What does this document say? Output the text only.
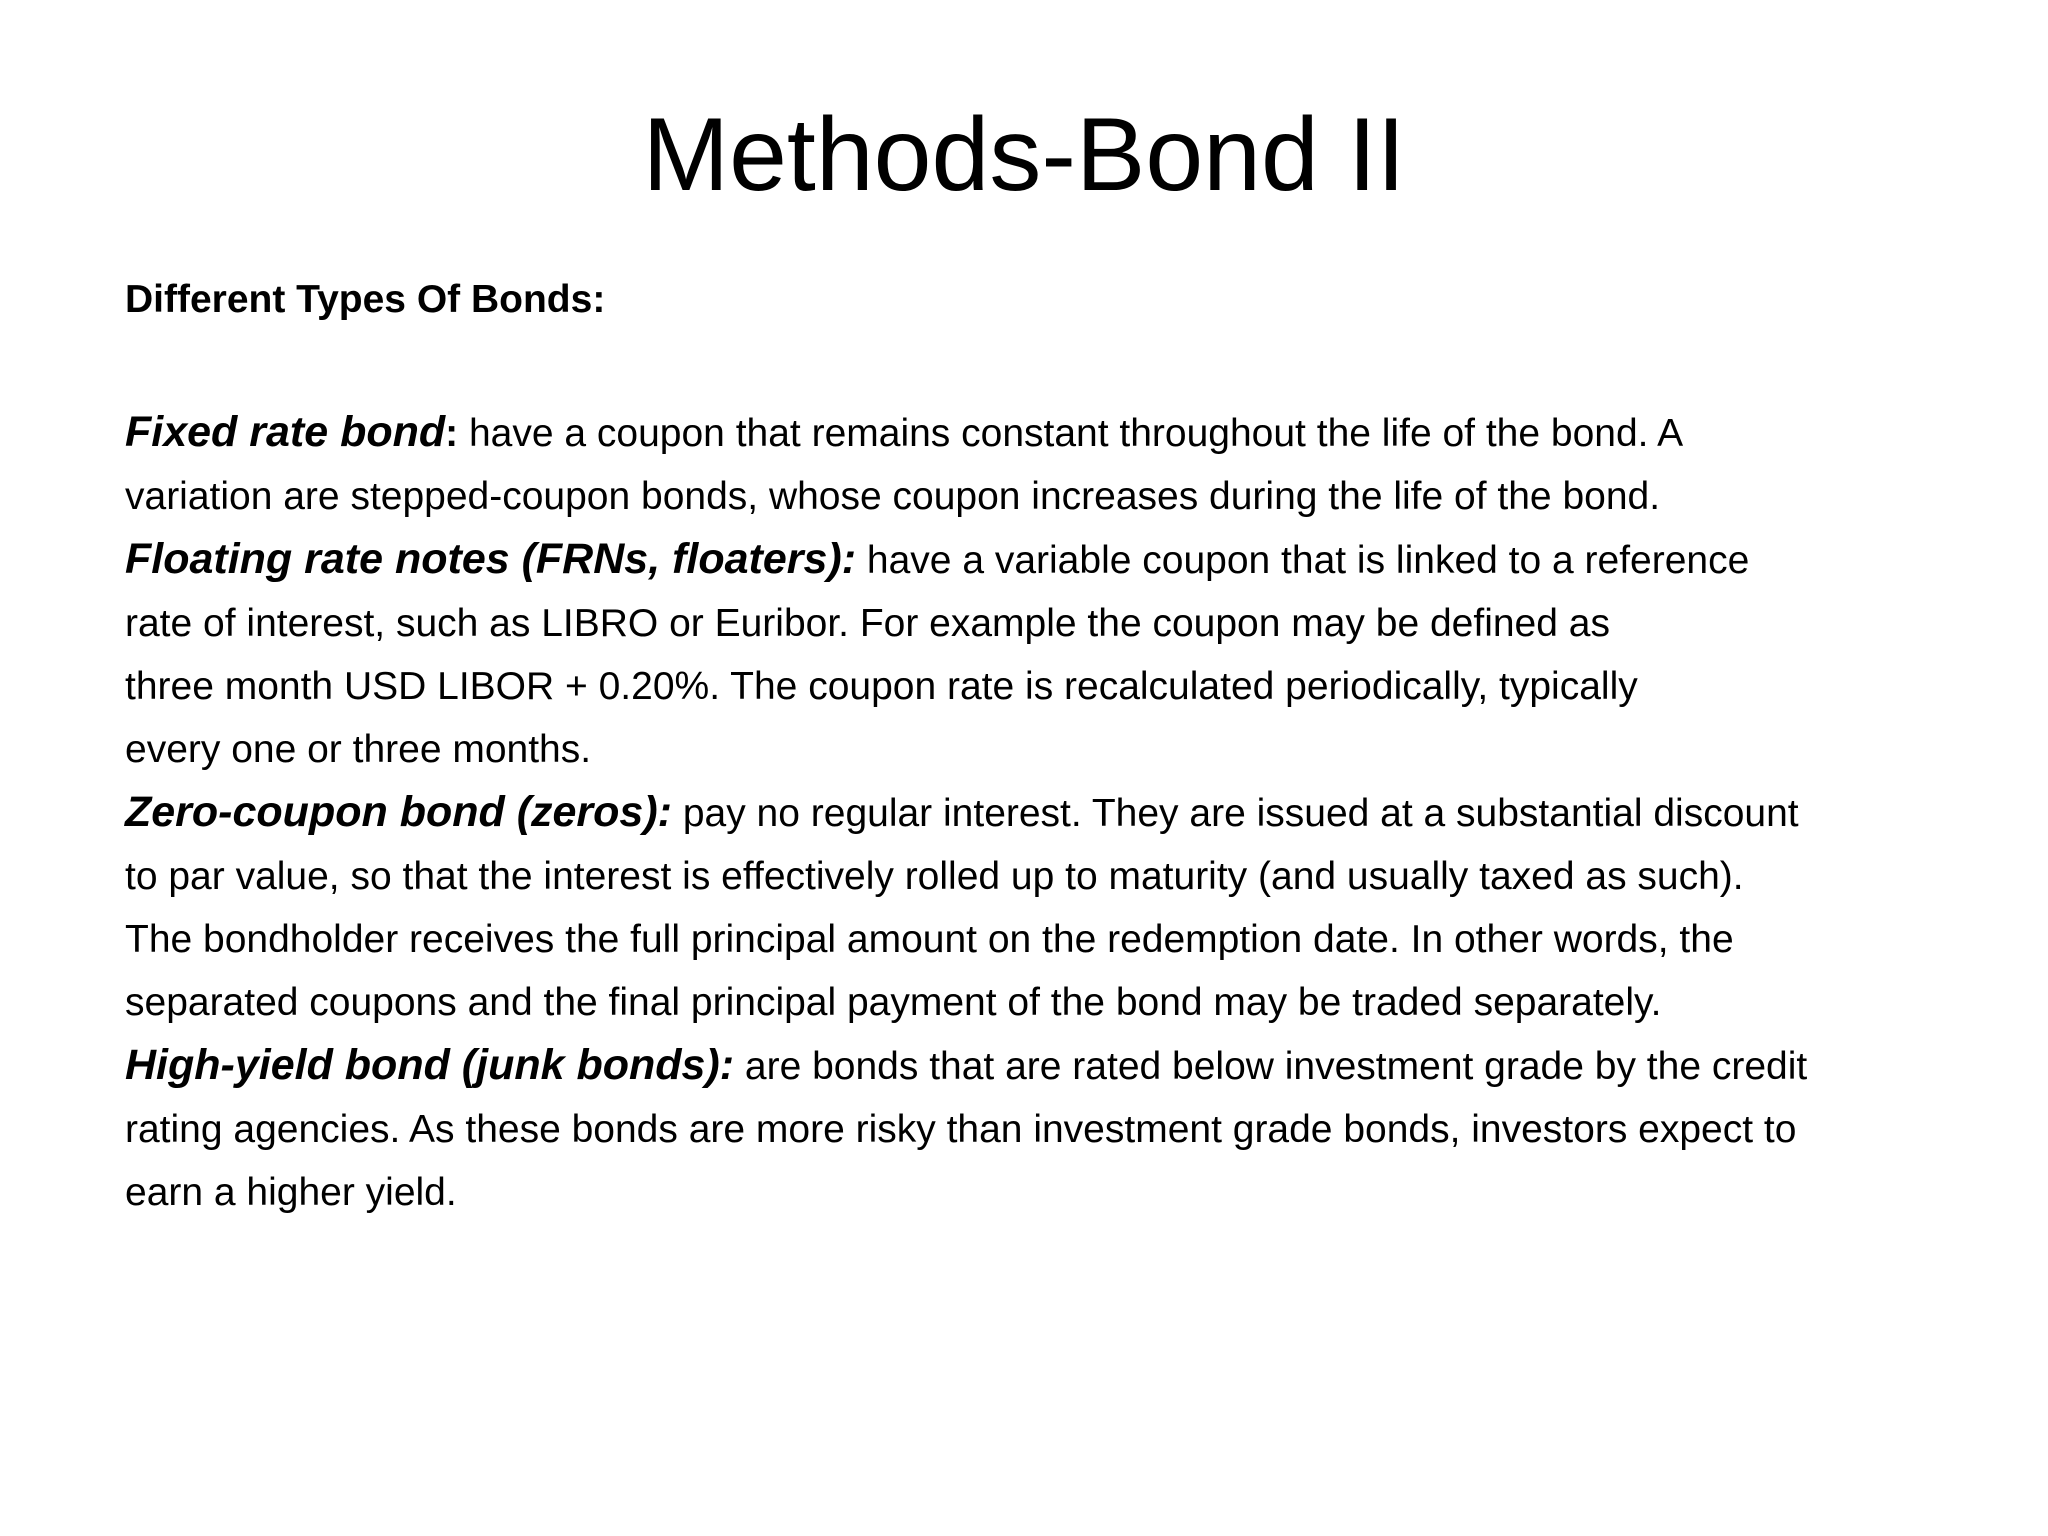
Methods-Bond II
Different Types Of Bonds:
Fixed rate bond: have a coupon that remains constant throughout the life of the bond. A
variation are stepped-coupon bonds, whose coupon increases during the life of the bond.
Floating rate notes (FRNs, floaters): have a variable coupon that is linked to a reference
rate of interest, such as LIBRO or Euribor. For example the coupon may be defined as
three month USD LIBOR + 0.20%. The coupon rate is recalculated periodically, typically
every one or three months.
Zero-coupon bond (zeros): pay no regular interest. They are issued at a substantial discount
to par value, so that the interest is effectively rolled up to maturity (and usually taxed as such).
The bondholder receives the full principal amount on the redemption date. In other words, the
separated coupons and the final principal payment of the bond may be traded separately.
High-yield bond (junk bonds): are bonds that are rated below investment grade by the credit
rating agencies. As these bonds are more risky than investment grade bonds, investors expect to
earn a higher yield.
